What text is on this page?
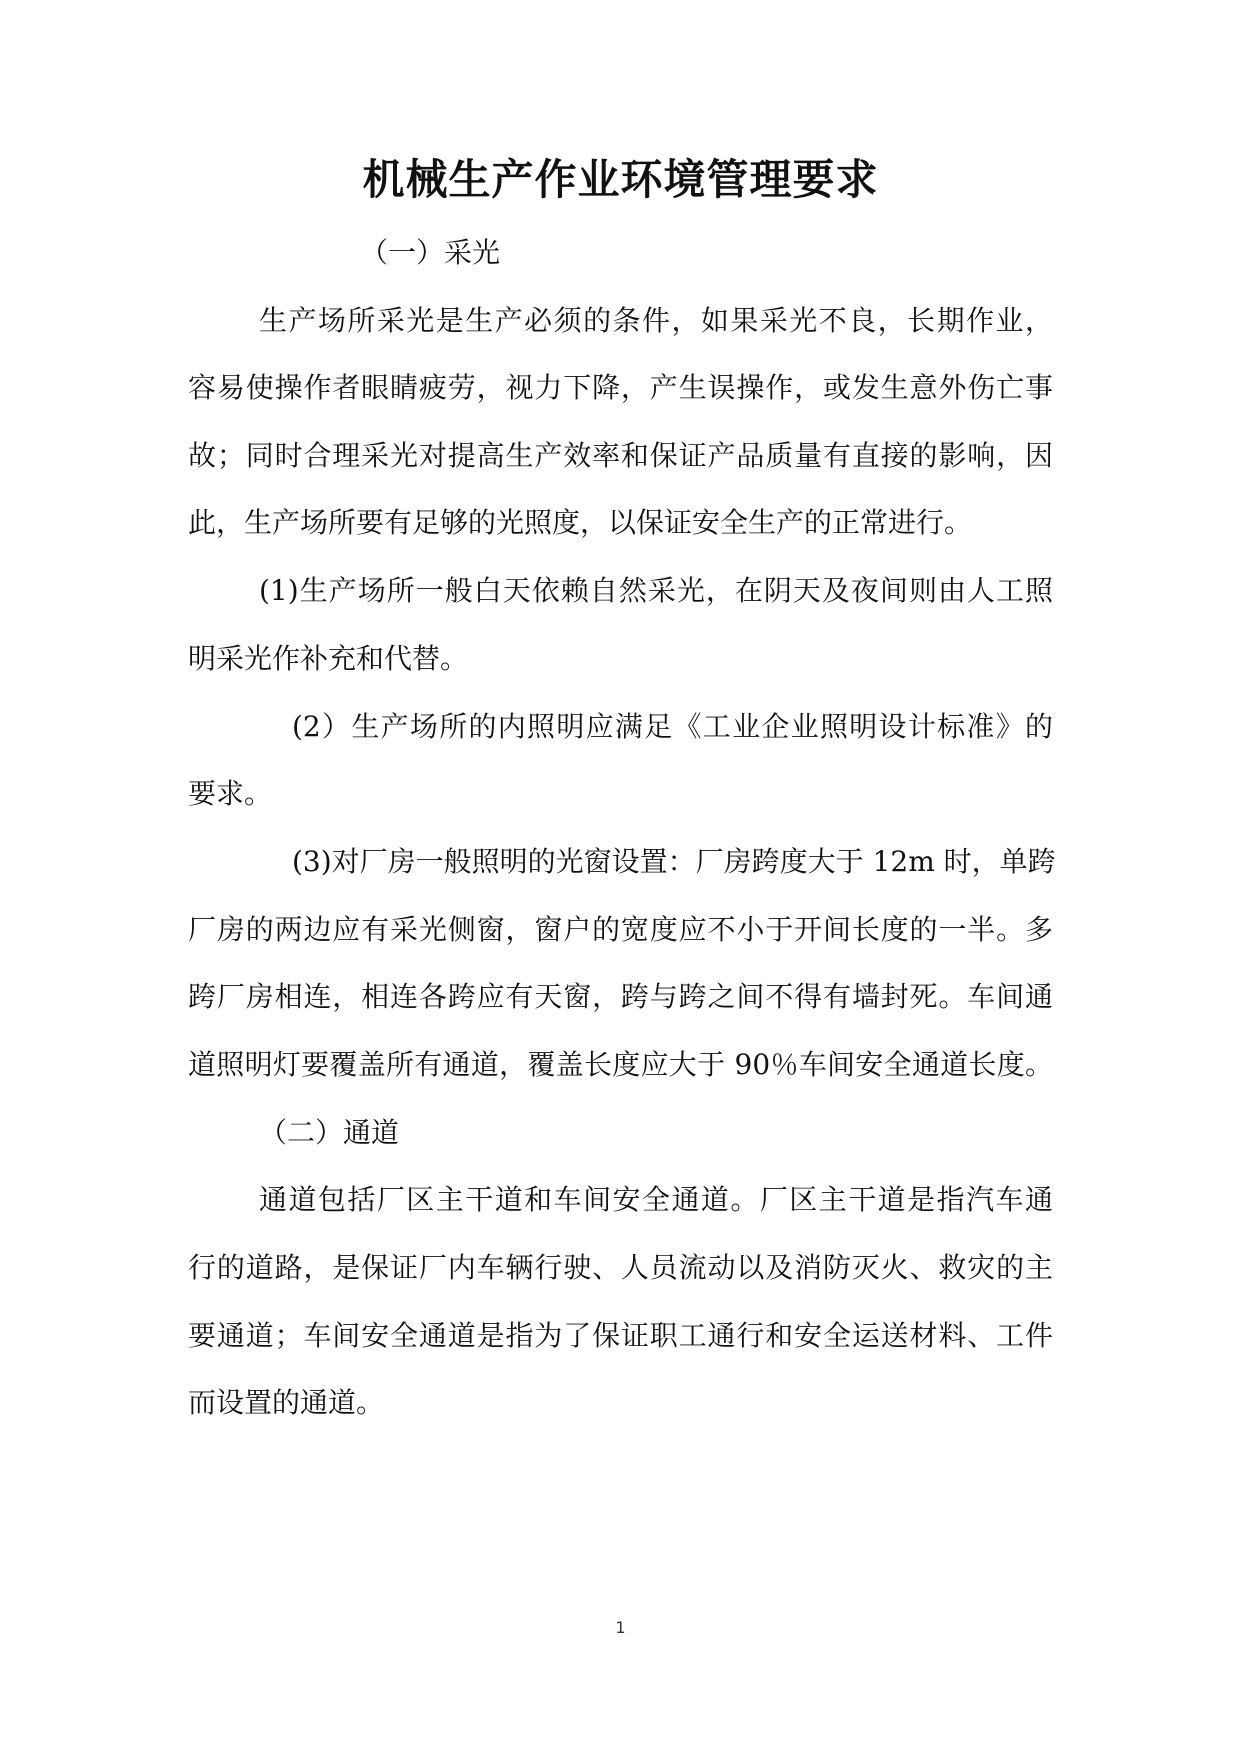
机械生产作业环境管理要求
（一）采光
生产场所采光是生产必须的条件，如果采光不良，长期作业，
容易使操作者眼睛疲劳，视力下降，产生误操作，或发生意外伤亡事
故；同时合理采光对提高生产效率和保证产品质量有直接的影响，因
此，生产场所要有足够的光照度，以保证安全生产的正常进行。
(1)生产场所一般白天依赖自然采光，在阴天及夜间则由人工照
明采光作补充和代替。
(2）生产场所的内照明应满足《工业企业照明设计标准》的
要求。
(3)对厂房一般照明的光窗设置：厂房跨度大于 12m 时，单跨
厂房的两边应有采光侧窗，窗户的宽度应不小于开间长度的一半。多
跨厂房相连，相连各跨应有天窗，跨与跨之间不得有墙封死。车间通
道照明灯要覆盖所有通道，覆盖长度应大于 90％车间安全通道长度。
（二）通道
通道包括厂区主干道和车间安全通道。厂区主干道是指汽车通
行的道路，是保证厂内车辆行驶、人员流动以及消防灭火、救灾的主
要通道；车间安全通道是指为了保证职工通行和安全运送材料、工件
而设置的通道。
1
